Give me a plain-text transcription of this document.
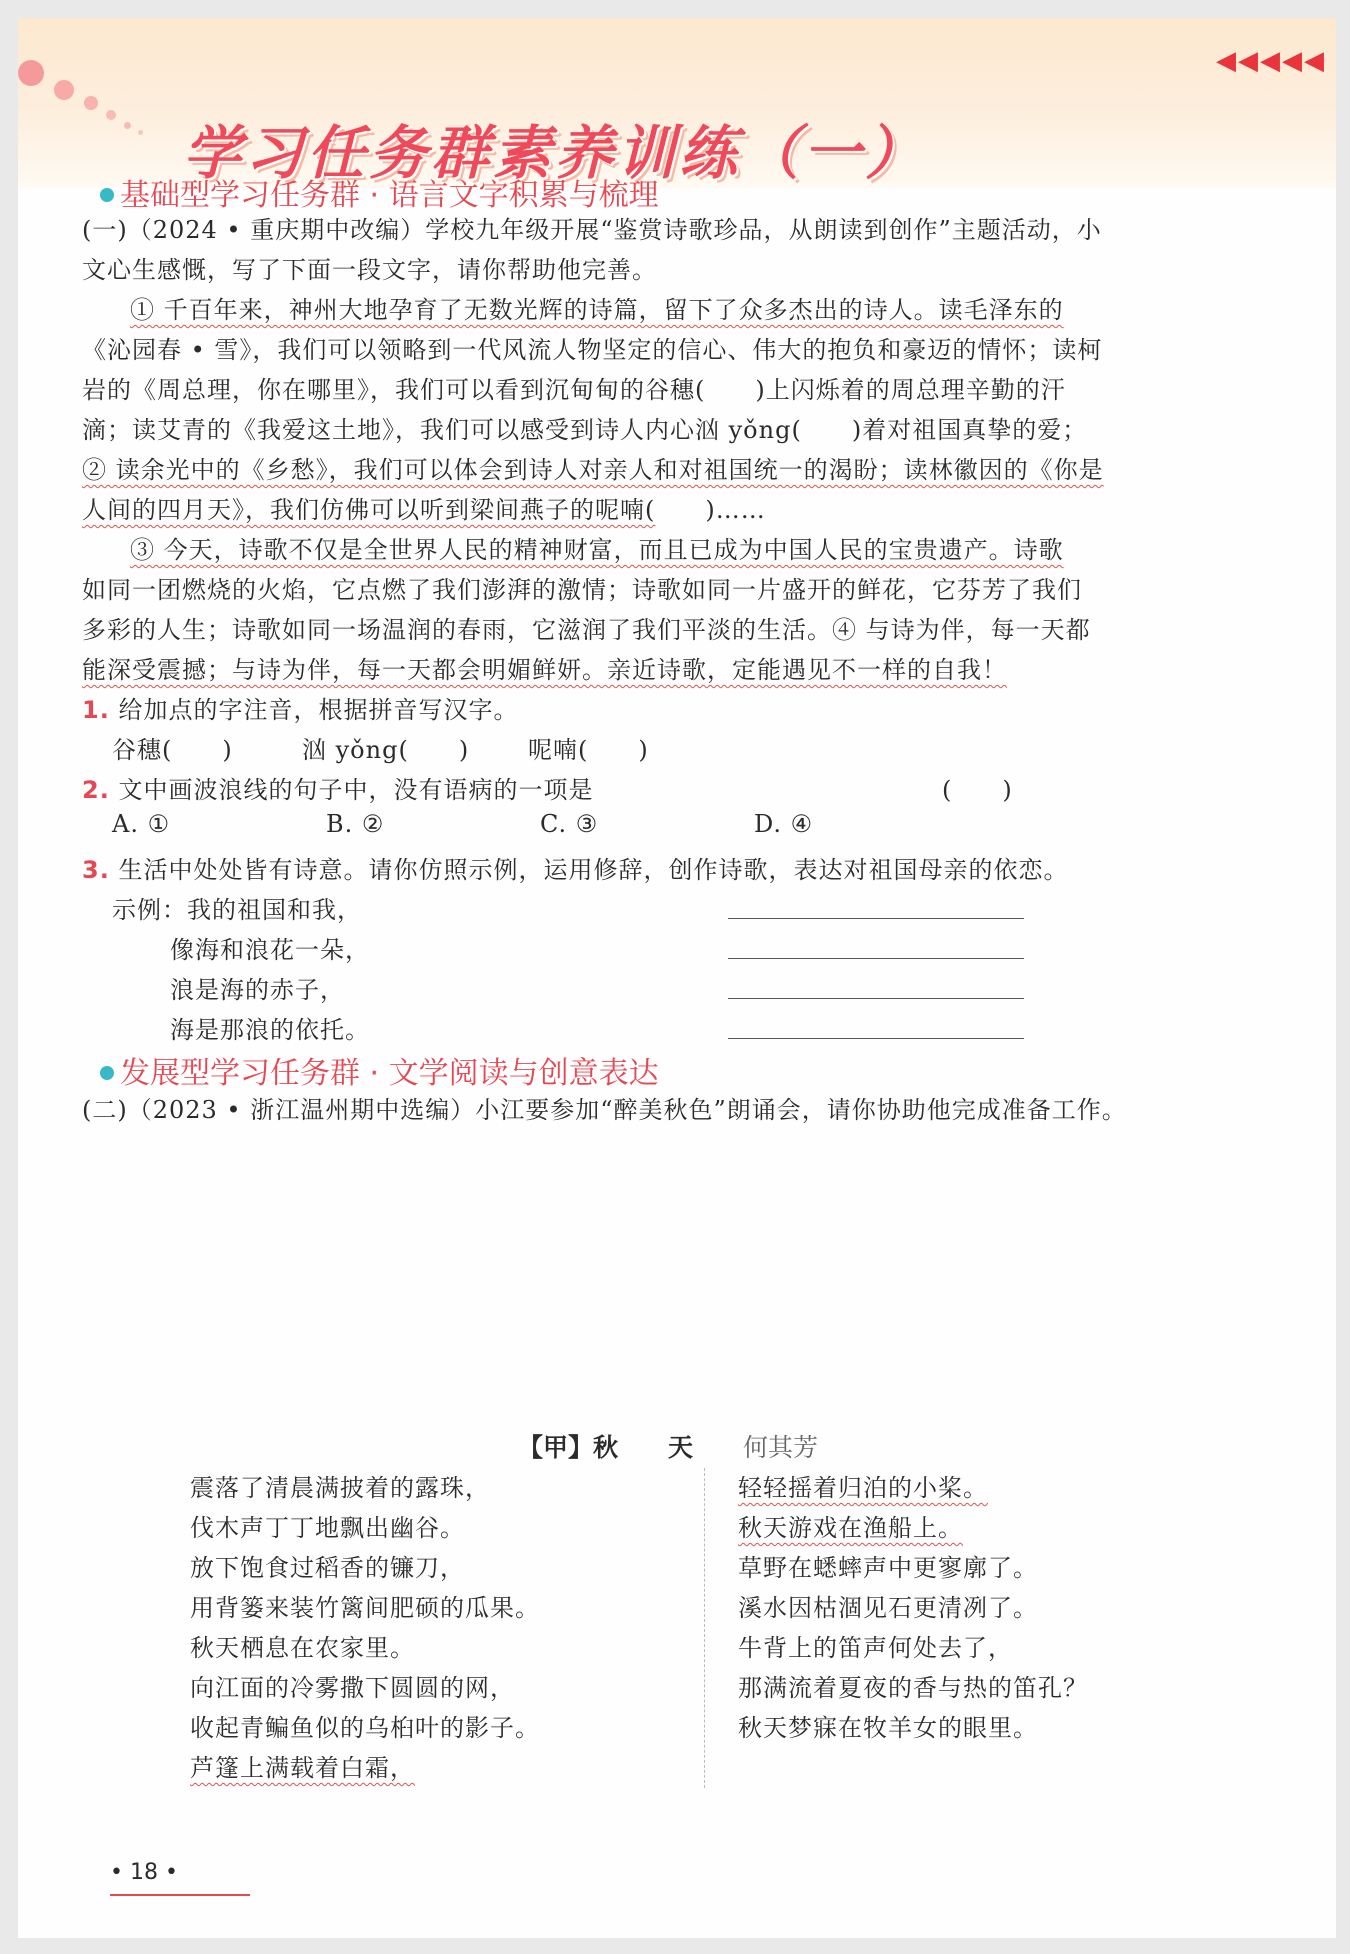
◀◀◀◀◀
学习任务群素养训练（一）
基础型学习任务群 · 语言文字积累与梳理
(一)（2024 • 重庆期中改编）学校九年级开展“鉴赏诗歌珍品，从朗读到创作”主题活动，小
文心生感慨，写了下面一段文字，请你帮助他完善。
① 千百年来，神州大地孕育了无数光辉的诗篇，留下了众多杰出的诗人。读毛泽东的
《沁园春 • 雪》，我们可以领略到一代风流人物坚定的信心、伟大的抱负和豪迈的情怀；读柯
岩的《周总理，你在哪里》，我们可以看到沉甸甸的谷穗( )上闪烁着的周总理辛勤的汗
滴；读艾青的《我爱这土地》，我们可以感受到诗人内心汹 yǒng( )着对祖国真挚的爱；
② 读余光中的《乡愁》，我们可以体会到诗人对亲人和对祖国统一的渴盼；读林徽因的《你是
人间的四月天》，我们仿佛可以听到梁间燕子的呢喃( )……
③ 今天，诗歌不仅是全世界人民的精神财富，而且已成为中国人民的宝贵遗产。诗歌
如同一团燃烧的火焰，它点燃了我们澎湃的激情；诗歌如同一片盛开的鲜花，它芬芳了我们
多彩的人生；诗歌如同一场温润的春雨，它滋润了我们平淡的生活。④ 与诗为伴，每一天都
能深受震撼；与诗为伴，每一天都会明媚鲜妍。亲近诗歌，定能遇见不一样的自我！
1. 给加点的字注音，根据拼音写汉字。
谷穗( )	汹 yǒng( ) 呢喃( )
2. 文中画波浪线的句子中，没有语病的一项是	(　　)
A. ①	B. ②	C. ③	D. ④
3. 生活中处处皆有诗意。请你仿照示例，运用修辞，创作诗歌，表达对祖国母亲的依恋。
示例：我的祖国和我，
像海和浪花一朵，
浪是海的赤子，
海是那浪的依托。
发展型学习任务群 · 文学阅读与创意表达
(二)（2023 • 浙江温州期中选编）小江要参加“醉美秋色”朗诵会，请你协助他完成准备工作。
【甲】秋　　天　　 何其芳
震落了清晨满披着的露珠，
伐木声丁丁地飘出幽谷。
放下饱食过稻香的镰刀，
用背篓来装竹篱间肥硕的瓜果。
秋天栖息在农家里。
向江面的冷雾撒下圆圆的网，
收起青鳊鱼似的乌桕叶的影子。
芦篷上满载着白霜，
轻轻摇着归泊的小桨。
秋天游戏在渔船上。
草野在蟋蟀声中更寥廓了。
溪水因枯涸见石更清冽了。
牛背上的笛声何处去了，
那满流着夏夜的香与热的笛孔？
秋天梦寐在牧羊女的眼里。
• 18 •
